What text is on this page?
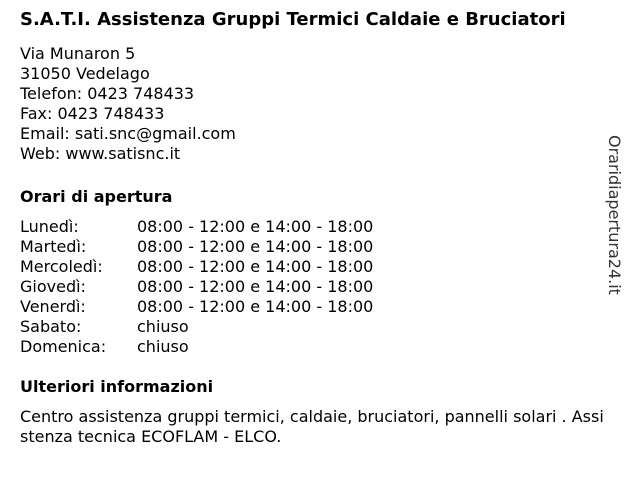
S.A.T.I. Assistenza Gruppi Termici Caldaie e Bruciatori
Via Munaron 5
31050 Vedelago
Telefon: 0423 748433
Fax: 0423 748433
Email: sati.snc@gmail.com
Web: www.satisnc.it
Orari di apertura
Lunedì:	08:00 - 12:00 e 14:00 - 18:00
Martedì:	08:00 - 12:00 e 14:00 - 18:00
Mercoledì:	08:00 - 12:00 e 14:00 - 18:00
Giovedì:	08:00 - 12:00 e 14:00 - 18:00
Venerdì:	08:00 - 12:00 e 14:00 - 18:00
Sabato:	chiuso
Domenica:	chiuso
Ulteriori informazioni
Centro assistenza gruppi termici, caldaie, bruciatori, pannelli solari . Assistenza tecnica ECOFLAM - ELCO.
Oraridiapertura24.it
